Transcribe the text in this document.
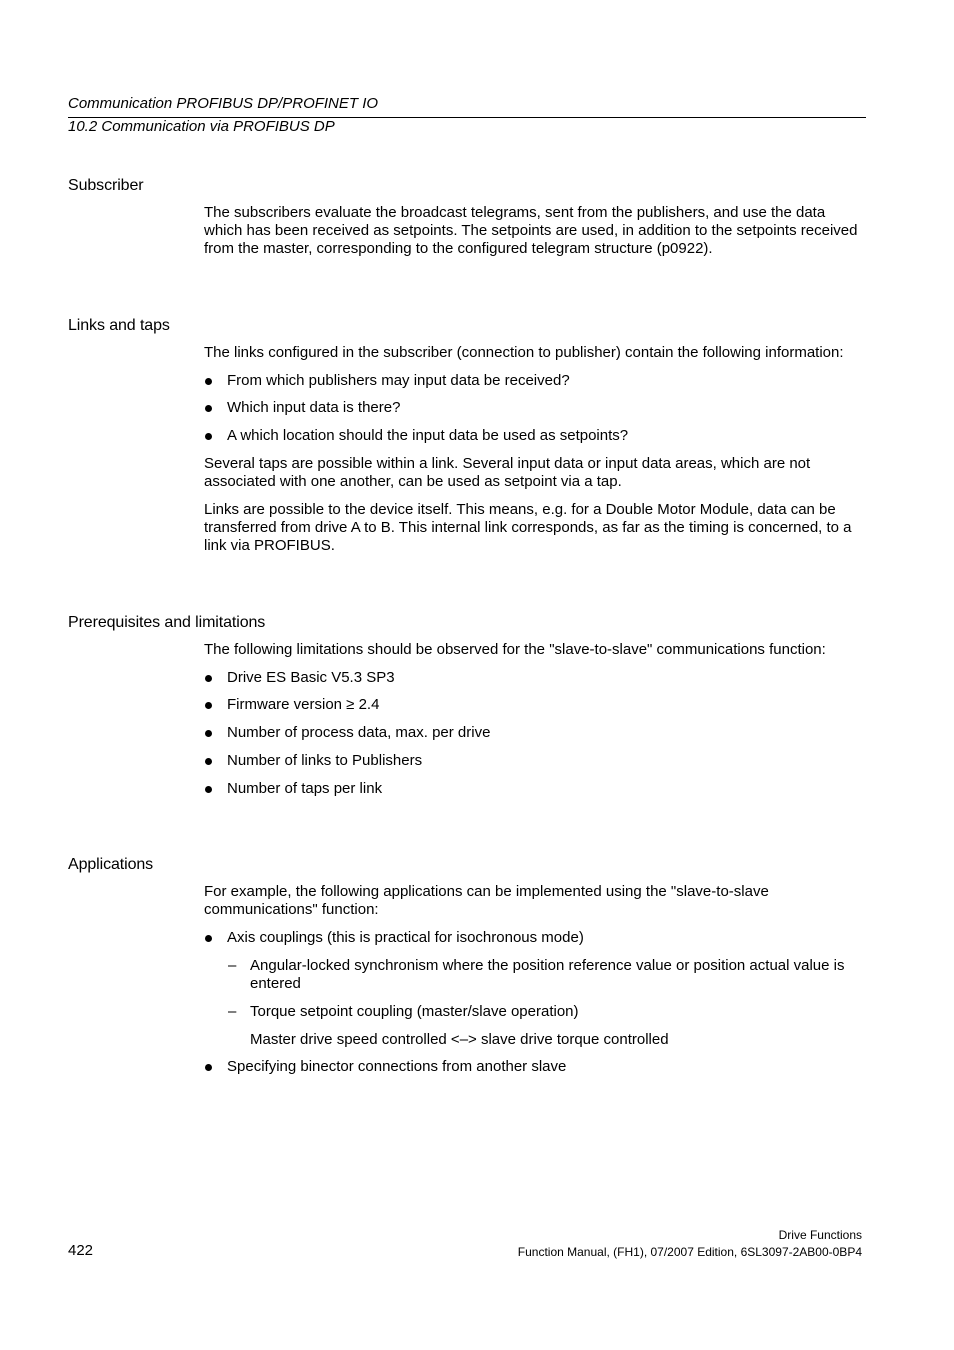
Communication PROFIBUS DP/PROFINET IO
10.2 Communication via PROFIBUS DP
Subscriber

The subscribers evaluate the broadcast telegrams, sent from the publishers, and use the data which has been received as setpoints. The setpoints are used, in addition to the setpoints received from the master, corresponding to the configured telegram structure (p0922).

Links and taps

The links configured in the subscriber (connection to publisher) contain the following information:

From which publishers may input data be received?
Which input data is there?
A which location should the input data be used as setpoints?

Several taps are possible within a link. Several input data or input data areas, which are not associated with one another, can be used as setpoint via a tap.

Links are possible to the device itself. This means, e.g. for a Double Motor Module, data can be transferred from drive A to B. This internal link corresponds, as far as the timing is concerned, to a link via PROFIBUS.

Prerequisites and limitations

The following limitations should be observed for the "slave-to-slave" communications function:

Drive ES Basic V5.3 SP3
Firmware version ≥ 2.4
Number of process data, max. per drive
Number of links to Publishers
Number of taps per link
Applications

For example, the following applications can be implemented using the "slave-to-slave communications" function:

Axis couplings (this is practical for isochronous mode)
– Angular-locked synchronism where the position reference value or position actual value is entered
– Torque setpoint coupling (master/slave operation)

Master drive speed controlled <–> slave drive torque controlled

Specifying binector connections from another slave
422
Drive Functions
Function Manual, (FH1), 07/2007 Edition, 6SL3097-2AB00-0BP4
